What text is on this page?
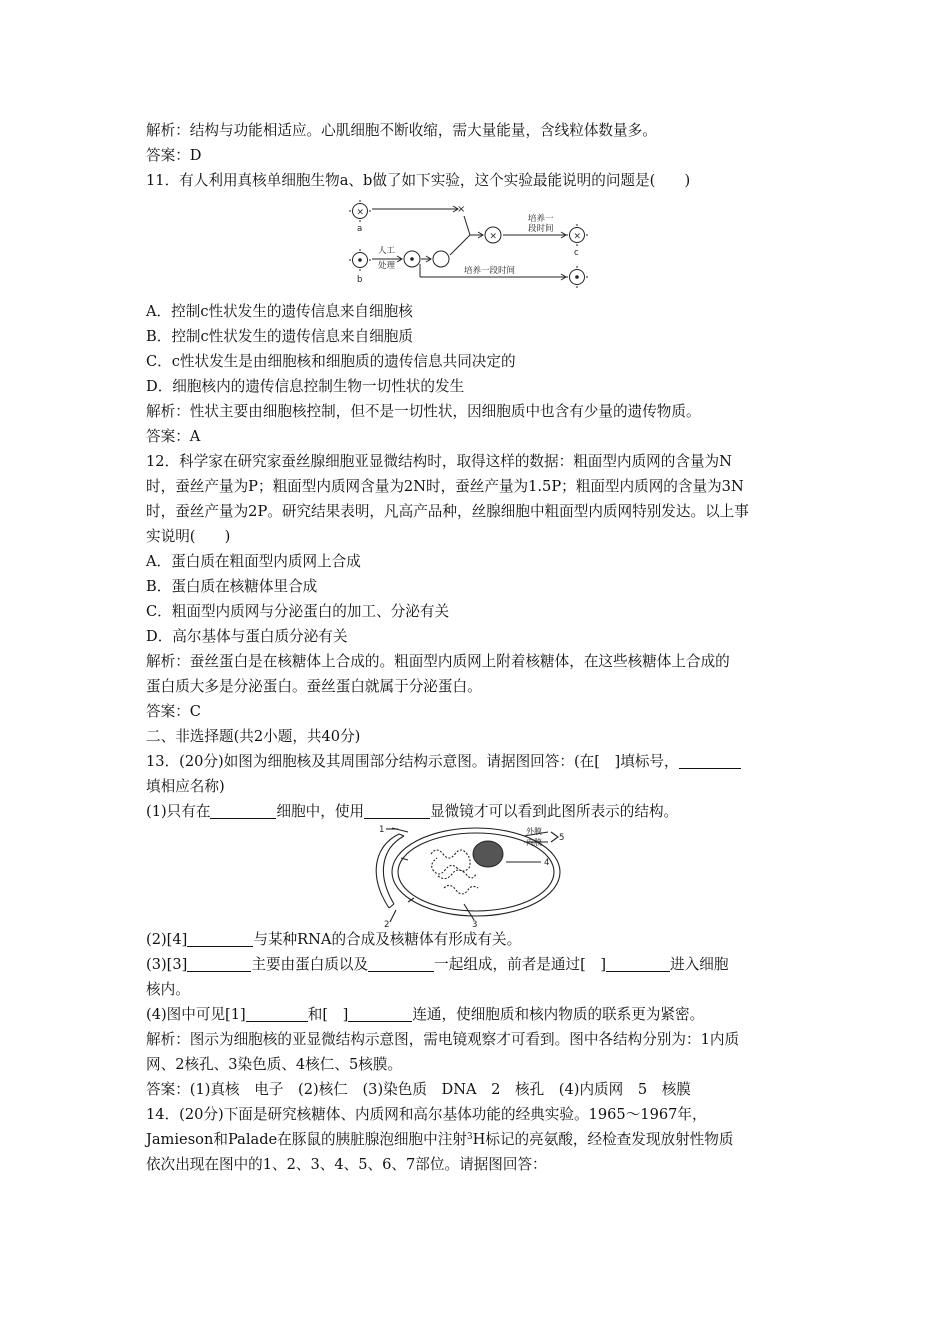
解析：结构与功能相适应。心肌细胞不断收缩，需大量能量，含线粒体数量多。
答案：D
11．有人利用真核单细胞生物a、b做了如下实验，这个实验最能说明的问题是(　　)
×
×	×
a
b
c
×
人工
处理
培养一
段时间
培养一段时间
A．控制c性状发生的遗传信息来自细胞核
B．控制c性状发生的遗传信息来自细胞质
C．c性状发生是由细胞核和细胞质的遗传信息共同决定的
D．细胞核内的遗传信息控制生物一切性状的发生
解析：性状主要由细胞核控制，但不是一切性状，因细胞质中也含有少量的遗传物质。
答案：A
12．科学家在研究家蚕丝腺细胞亚显微结构时，取得这样的数据：粗面型内质网的含量为N
时，蚕丝产量为P；粗面型内质网含量为2N时，蚕丝产量为1.5P；粗面型内质网的含量为3N
时，蚕丝产量为2P。研究结果表明，凡高产品种，丝腺细胞中粗面型内质网特别发达。以上事
实说明(　　)
A．蛋白质在粗面型内质网上合成
B．蛋白质在核糖体里合成
C．粗面型内质网与分泌蛋白的加工、分泌有关
D．高尔基体与蛋白质分泌有关
解析：蚕丝蛋白是在核糖体上合成的。粗面型内质网上附着核糖体，在这些核糖体上合成的
蛋白质大多是分泌蛋白。蚕丝蛋白就属于分泌蛋白。
答案：C
二、非选择题(共2小题，共40分)
13．(20分)如图为细胞核及其周围部分结构示意图。请据图回答：(在[　]填标号，
填相应名称)
(1)只有在	细胞中，使用	显微镜才可以看到此图所表示的结构。
1
2	3
4
5
外膜
内膜
(2)[4]	与某种RNA的合成及核糖体有形成有关。
(3)[3]	主要由蛋白质以及	一起组成，前者是通过[　]	进入细胞
核内。
(4)图中可见[1]	和[　]	连通，使细胞质和核内物质的联系更为紧密。
解析：图示为细胞核的亚显微结构示意图，需电镜观察才可看到。图中各结构分别为：1内质
网、2核孔、3染色质、4核仁、5核膜。
答案：(1)真核　电子　(2)核仁　(3)染色质　DNA　2　核孔　(4)内质网　5　核膜
14．(20分)下面是研究核糖体、内质网和高尔基体功能的经典实验。1965～1967年，
Jamieson和Palade在豚鼠的胰脏腺泡细胞中注射$^3$H标记的亮氨酸，经检查发现放射性物质
依次出现在图中的1、2、3、4、5、6、7部位。请据图回答：
